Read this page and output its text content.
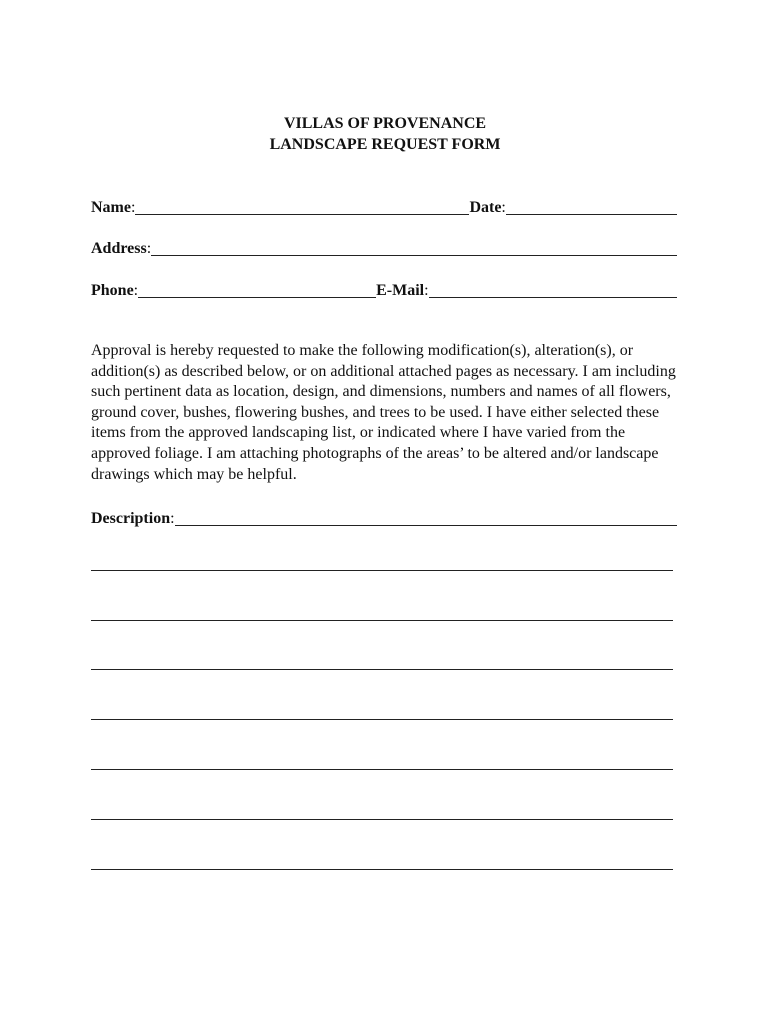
VILLAS OF PROVENANCE
LANDSCAPE REQUEST FORM
Name :	Date :
Address :
Phone :	E-Mail :
Approval is hereby requested to make the following modification(s), alteration(s), or addition(s) as described below, or on additional attached pages as necessary. I am including such pertinent data as location, design, and dimensions, numbers and names of all flowers, ground cover, bushes, flowering bushes, and trees to be used. I have either selected these items from the approved landscaping list, or indicated where I have varied from the approved foliage. I am attaching photographs of the areas’ to be altered and/or landscape drawings which may be helpful.
Description :
